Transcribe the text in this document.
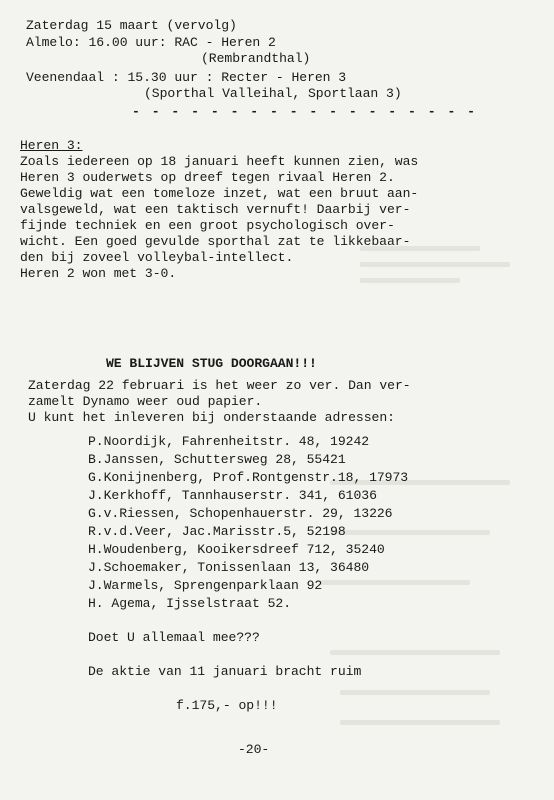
Zaterdag 15 maart (vervolg)
Almelo: 16.00 uur: RAC - Heren 2
(Rembrandthal)
Veenendaal : 15.30 uur : Recter - Heren 3
(Sporthal Valleihal, Sportlaan 3)
- - - - - - - - - - - - - - - - - -
Heren 3:
Zoals iedereen op 18 januari heeft kunnen zien, was
Heren 3 ouderwets op dreef tegen rivaal Heren 2.
Geweldig wat een tomeloze inzet, wat een bruut aan-
valsgeweld, wat een taktisch vernuft! Daarbij ver-
fijnde techniek en een groot psychologisch over-
wicht. Een goed gevulde sporthal zat te likkebaar-
den bij zoveel volleybal-intellect.
Heren 2 won met 3-0.
WE BLIJVEN STUG DOORGAAN!!!
Zaterdag 22 februari is het weer zo ver. Dan ver-
zamelt Dynamo weer oud papier.
U kunt het inleveren bij onderstaande adressen:
P.Noordijk, Fahrenheitstr. 48, 19242
B.Janssen, Schuttersweg 28, 55421
G.Konijnenberg, Prof.Rontgenstr.18, 17973
J.Kerkhoff, Tannhauserstr. 341, 61036
G.v.Riessen, Schopenhauerstr. 29, 13226
R.v.d.Veer, Jac.Marisstr.5, 52198
H.Woudenberg, Kooikersdreef 712, 35240
J.Schoemaker, Tonissenlaan 13, 36480
J.Warmels, Sprengenparklaan 92
H. Agema, Ijsselstraat 52.
Doet U allemaal mee???
De aktie van 11 januari bracht ruim
f.175,- op!!!
-20-
